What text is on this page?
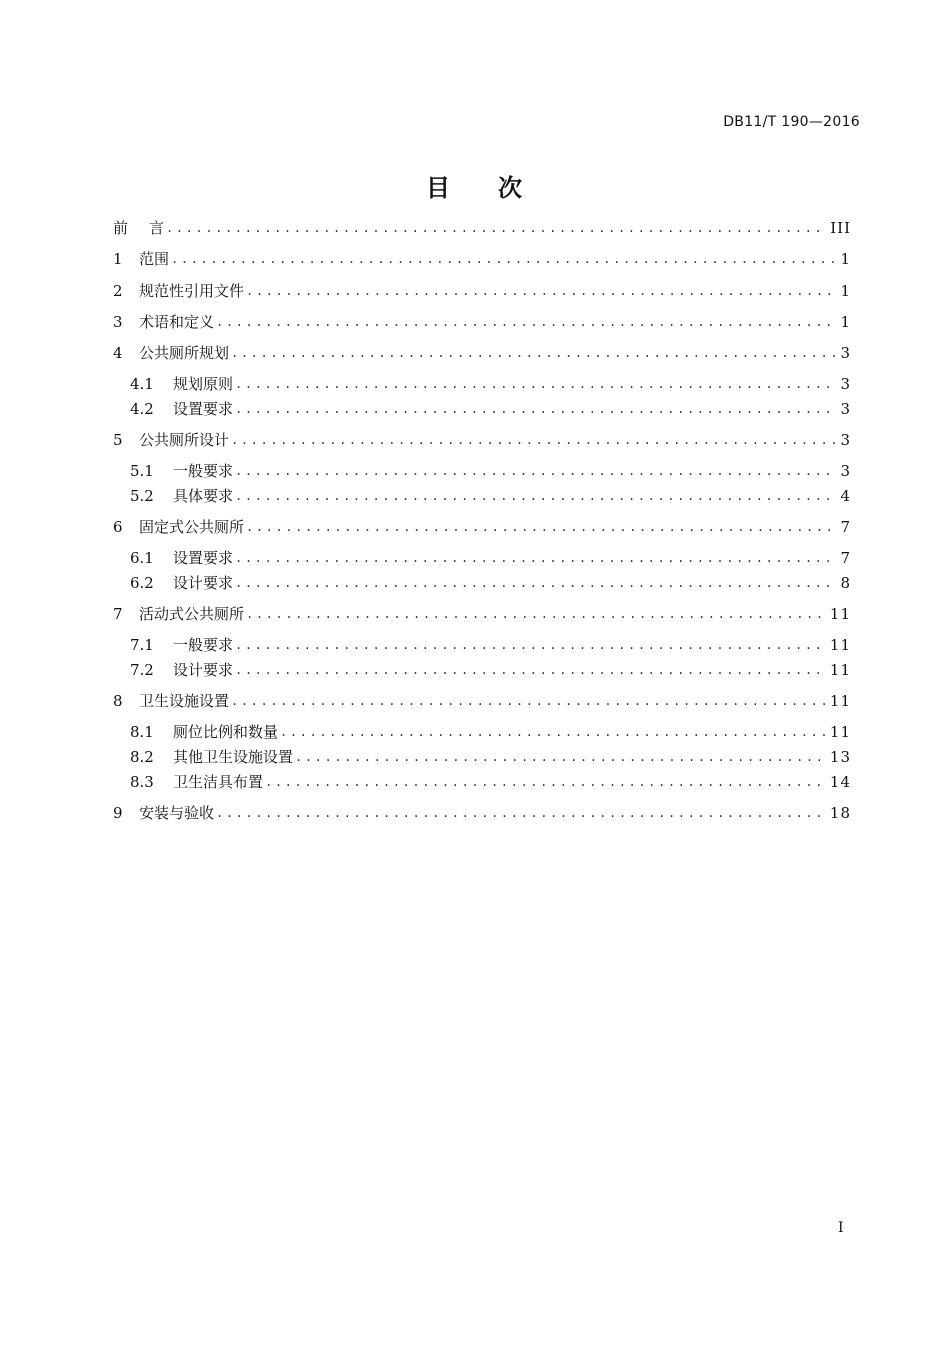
DB11/T 190—2016
目 次
前	言 .....	III
1	范围 .....	1
2	规范性引用文件 .....	1
3	术语和定义 .....	1
4	公共厕所规划 .....	3
4.1	规划原则 .....	3
4.2	设置要求 .....	3
5	公共厕所设计 .....	3
5.1	一般要求 .....	3
5.2	具体要求 .....	4
6	固定式公共厕所 .....	7
6.1	设置要求 .....	7
6.2	设计要求 .....	8
7	活动式公共厕所 .....	11
7.1	一般要求 .....	11
7.2	设计要求 .....	11
8	卫生设施设置 .....	11
8.1	厕位比例和数量 .....	11
8.2	其他卫生设施设置 .....	13
8.3	卫生洁具布置 .....	14
9	安装与验收 .....	18
I
